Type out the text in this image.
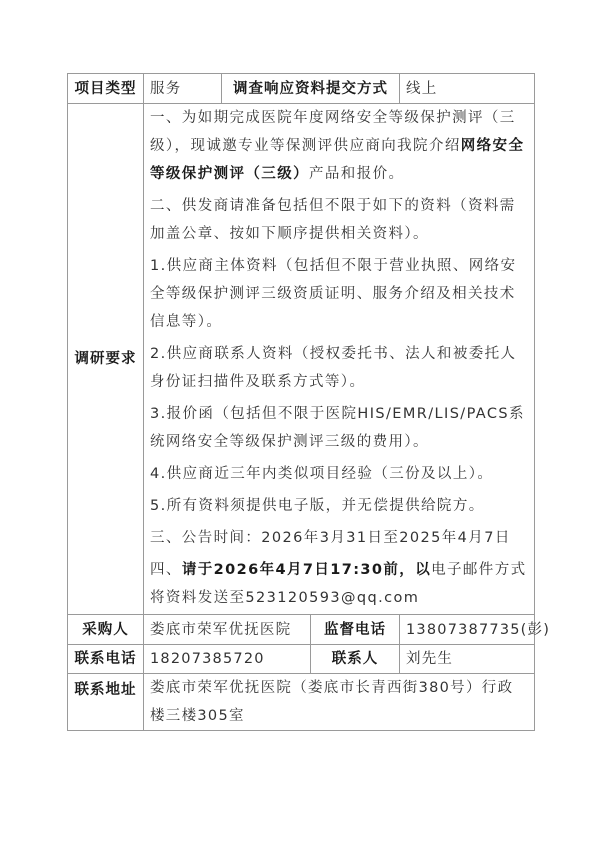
项目类型	服务	调查响应资料提交方式		线上
调研要求	

一、为如期完成医院年度网络安全等级保护测评（三级），现诚邀专业等保测评供应商向我院介绍网络安全等级保护测评（三级）产品和报价。

二、供发商请准备包括但不限于如下的资料（资料需加盖公章、按如下顺序提供相关资料）。

1.供应商主体资料（包括但不限于营业执照、网络安全等级保护测评三级资质证明、服务介绍及相关技术信息等）。

2.供应商联系人资料（授权委托书、法人和被委托人身份证扫描件及联系方式等）。

3.报价函（包括但不限于医院HIS/EMR/LIS/PACS系统网络安全等级保护测评三级的费用）。

4.供应商近三年内类似项目经验（三份及以上）。

5.所有资料须提供电子版，并无偿提供给院方。

三、公告时间：2026年3月31日至2025年4月7日

四、请于2026年4月7日17:30前，以电子邮件方式将资料发送至523120593@qq.com

采购人	娄底市荣军优抚医院		监督电话	13807387735(彭)
联系电话	18207385720		联系人	刘先生
联系地址	娄底市荣军优抚医院（娄底市长青西街380号）行政楼三楼305室			
